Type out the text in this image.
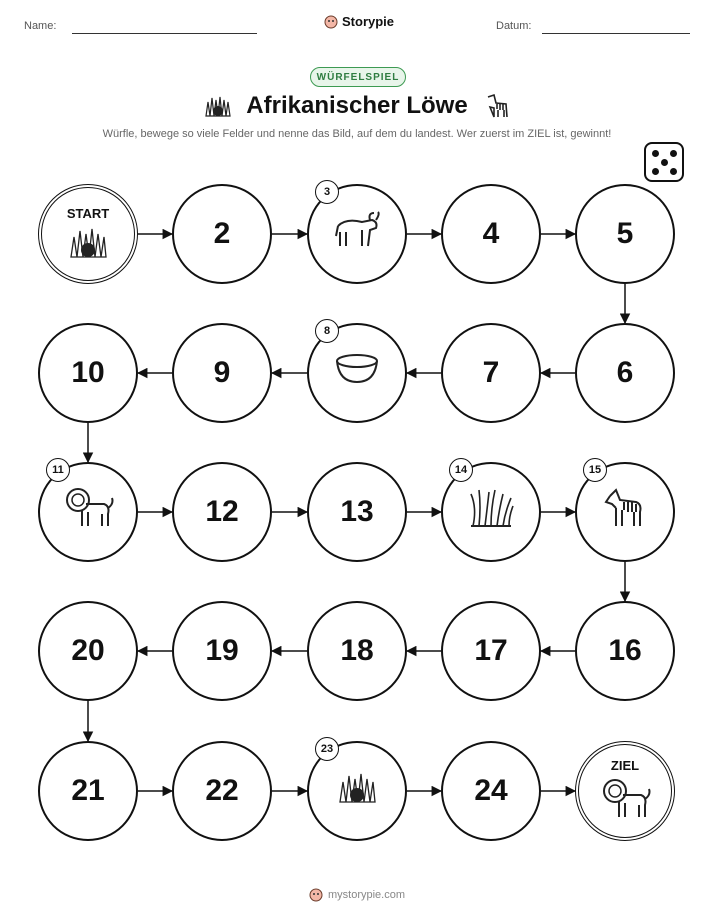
Name:	Storypie	Datum:
WÜRFELSPIEL
Afrikanischer Löwe
Würfle, bewege so viele Felder und nenne das Bild, auf dem du landest. Wer zuerst im ZIEL ist, gewinnt!
START
2
3
4	5
6
7
8
9
10
11
12	13
14	15
16
17
18
19
20
21	22
23
24
ZIEL
mystorypie.com
